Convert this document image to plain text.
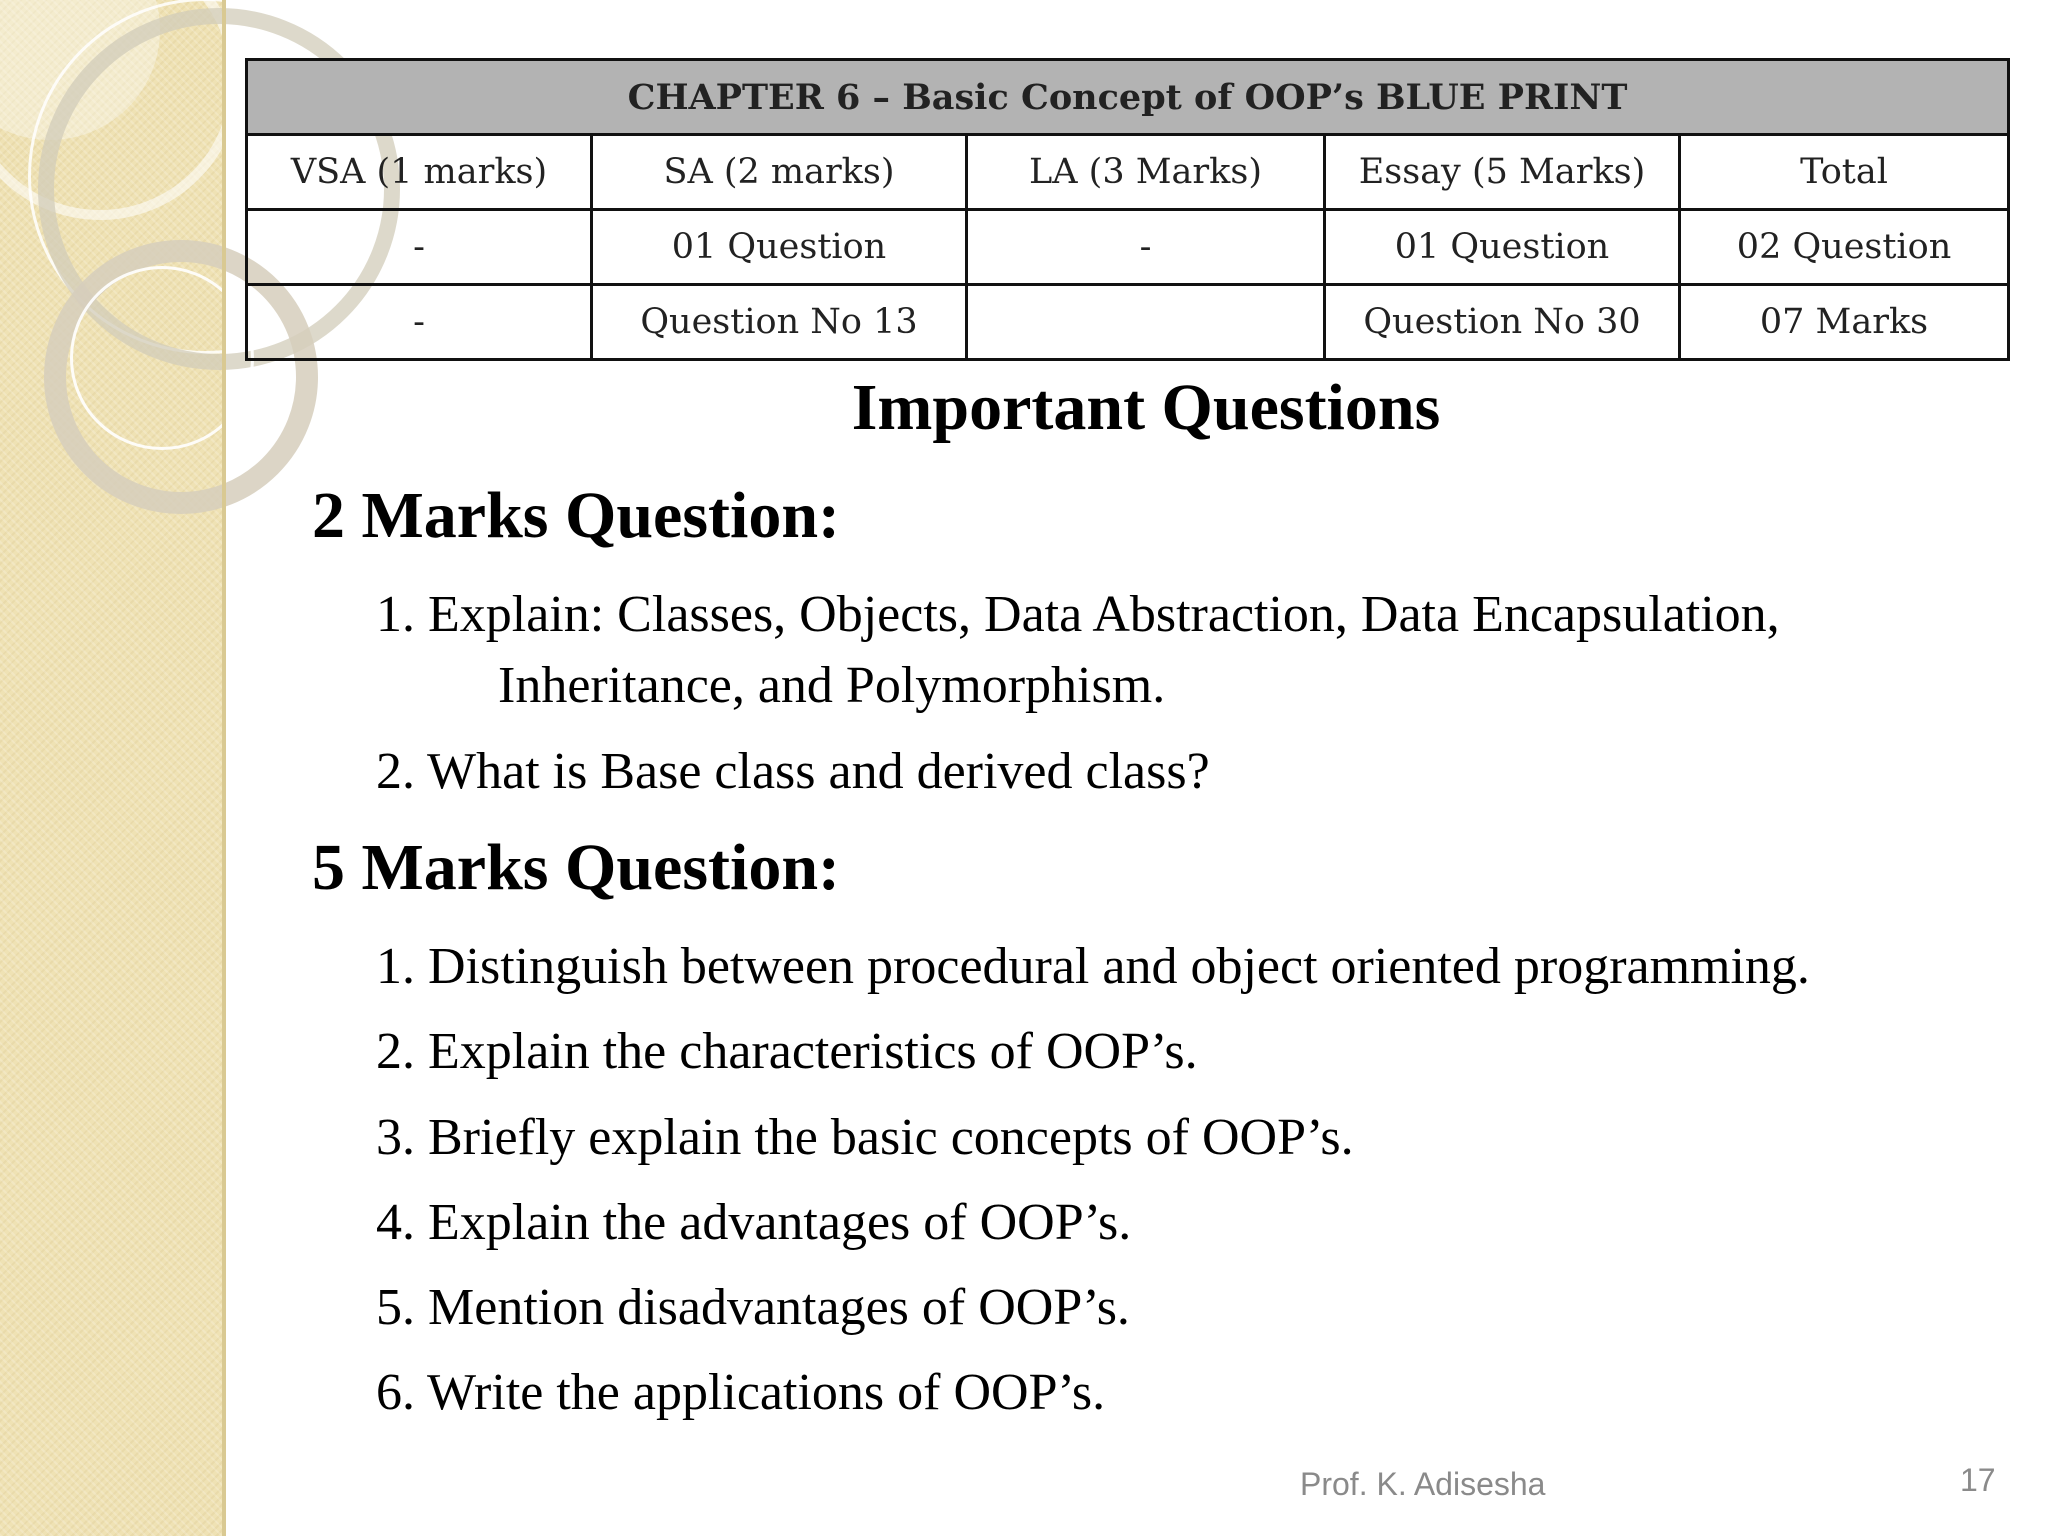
CHAPTER 6 – Basic Concept of OOP’s BLUE PRINT				
VSA (1 marks)	SA (2 marks)	LA (3 Marks)	Essay (5 Marks)	Total
-	01 Question	-	01 Question	02 Question
-	Question No 13		Question No 30	07 Marks
Important Questions
2 Marks Question:
1. Explain: Classes, Objects, Data Abstraction, Data Encapsulation,
Inheritance, and Polymorphism.
2. What is Base class and derived class?
5 Marks Question:
1. Distinguish between procedural and object oriented programming.
2. Explain the characteristics of OOP’s.
3. Briefly explain the basic concepts of OOP’s.
4. Explain the advantages of OOP’s.
5. Mention disadvantages of OOP’s.
6. Write the applications of OOP’s.
Prof. K. Adisesha	17
